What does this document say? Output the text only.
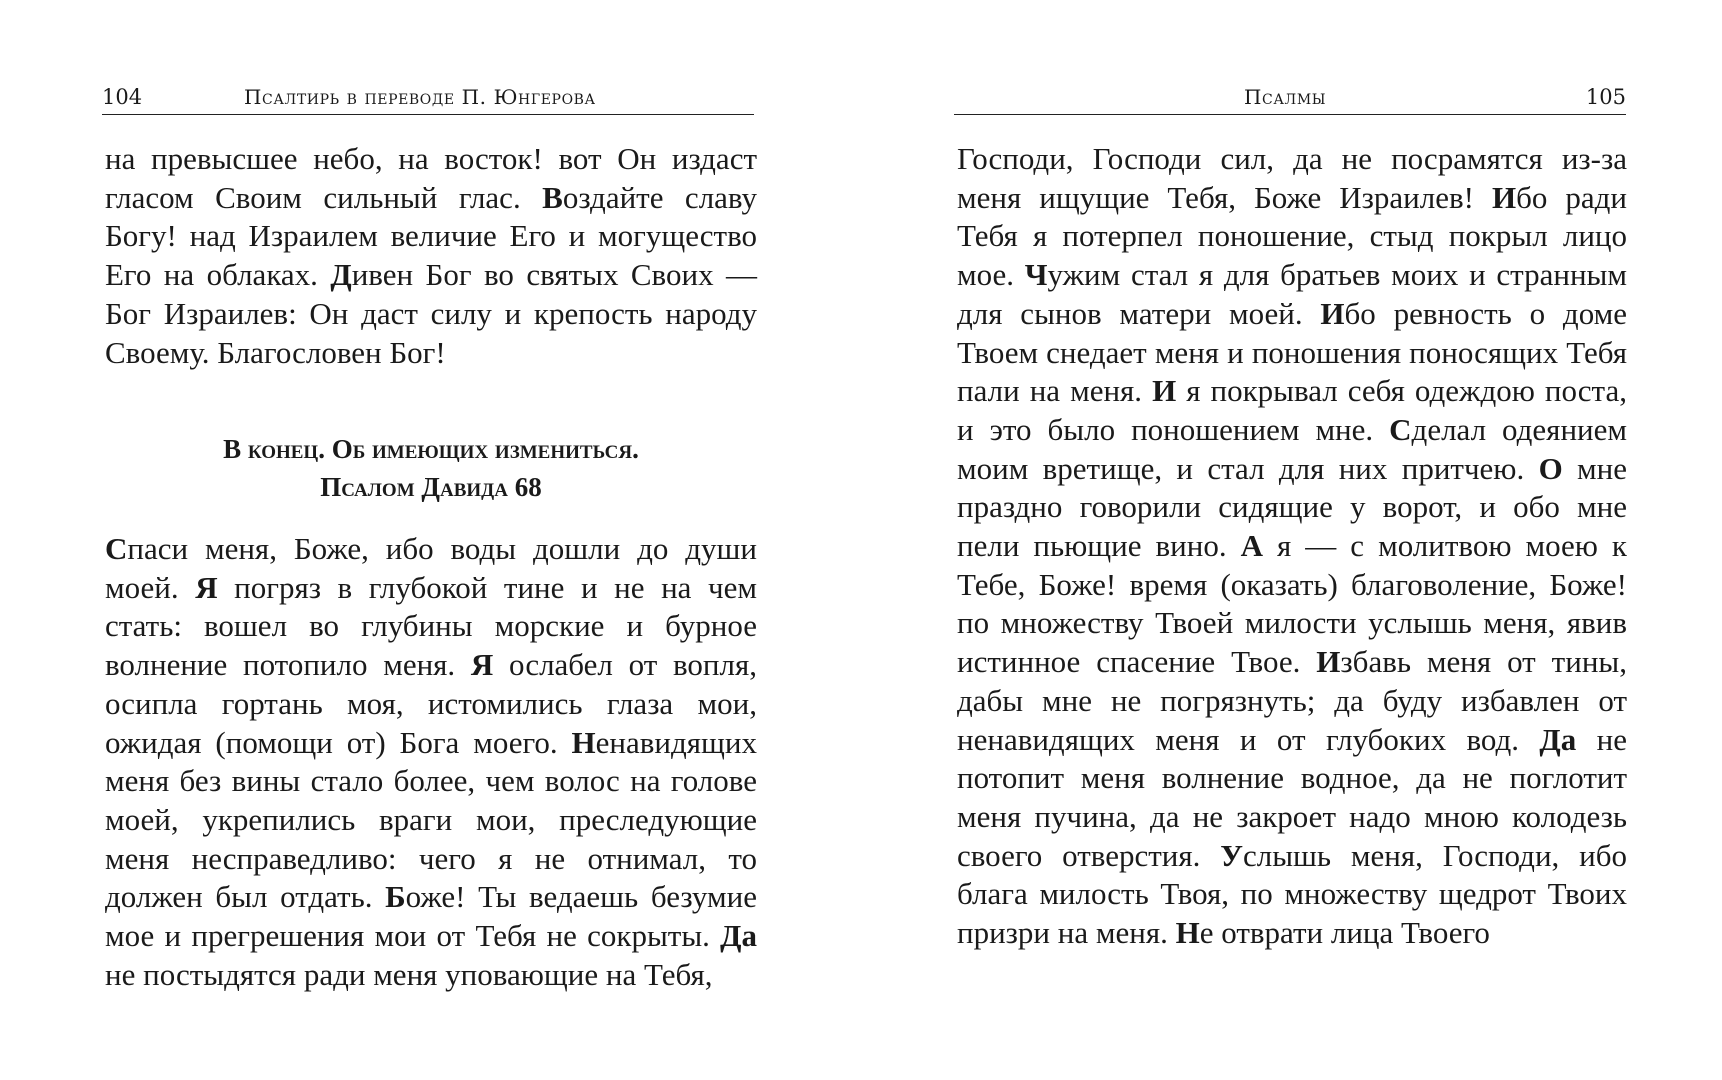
104	Псалтирь в переводе П. Юнгерова

на превысшее небо, на восток! вот Он издаст гласом Своим сильный глас. Воздайте славу Богу! над Израилем величие Его и могущество Его на облаках. Дивен Бог во святых Своих — Бог Израилев: Он даст силу и крепость народу Своему. Благословен Бог!

В конец. Об имеющих измениться.
Псалом Давида 68

Спаси меня, Боже, ибо воды дошли до души моей. Я погряз в глубокой тине и не на чем стать: вошел во глубины морские и бурное волнение потопило меня. Я ослабел от вопля, осипла гортань моя, истомились глаза мои, ожидая (помощи от) Бога моего. Ненавидящих меня без вины стало более, чем волос на голове моей, укрепились враги мои, преследующие меня несправедливо: чего я не отнимал, то должен был отдать. Боже! Ты ведаешь безумие мое и прегрешения мои от Тебя не сокрыты. Да не постыдятся ради меня уповающие на Тебя,

Псалмы	105

Господи, Господи сил, да не посрамятся из-за меня ищущие Тебя, Боже Израилев! Ибо ради Тебя я потерпел поношение, стыд покрыл лицо мое. Чужим стал я для братьев моих и странным для сынов матери моей. Ибо ревность о доме Твоем снедает меня и поношения поносящих Тебя пали на меня. И я покрывал себя одеждою поста, и это было поношением мне. Сделал одеянием моим вретище, и стал для них притчею. О мне праздно говорили сидящие у ворот, и обо мне пели пьющие вино. А я — с молитвою моею к Тебе, Боже! время (оказать) благоволение, Боже! по множеству Твоей милости услышь меня, явив истинное спасение Твое. Избавь меня от тины, дабы мне не погрязнуть; да буду избавлен от ненавидящих меня и от глубоких вод. Да не потопит меня волнение водное, да не поглотит меня пучина, да не закроет надо мною колодезь своего отверстия. Услышь меня, Господи, ибо блага милость Твоя, по множеству щедрот Твоих призри на меня. Не отврати лица Твоего
